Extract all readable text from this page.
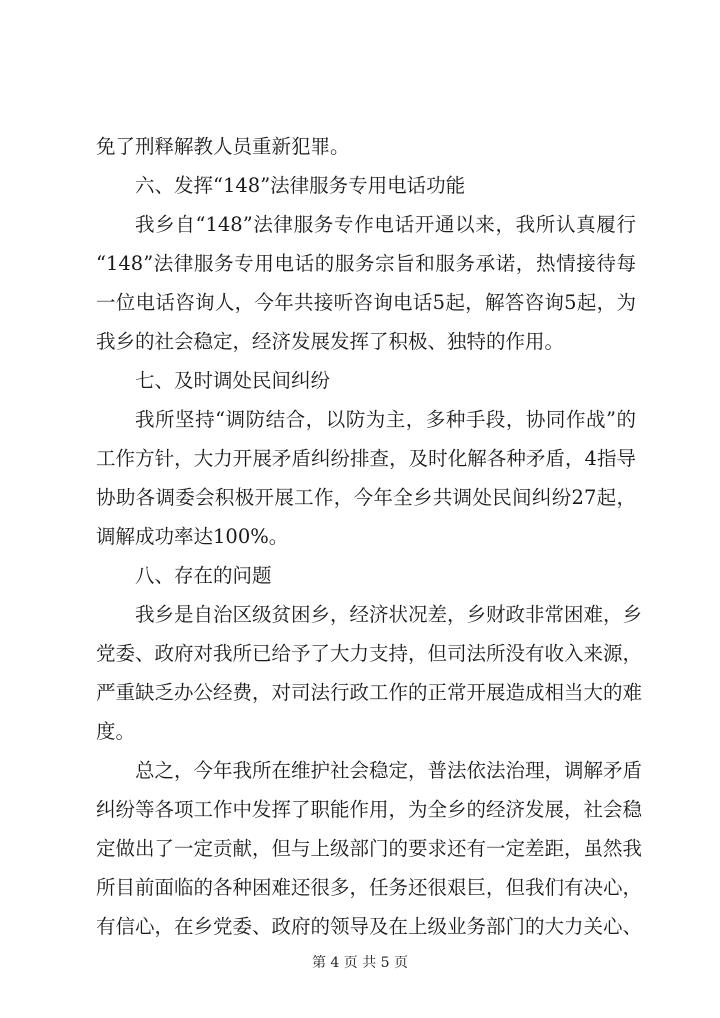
免了刑释解教人员重新犯罪。
六、发挥“148”法律服务专用电话功能
我乡自“148”法律服务专作电话开通以来，我所认真履行
“148”法律服务专用电话的服务宗旨和服务承诺，热情接待每
一位电话咨询人，今年共接听咨询电话5起，解答咨询5起，为
我乡的社会稳定，经济发展发挥了积极、独特的作用。
七、及时调处民间纠纷
我所坚持“调防结合，以防为主，多种手段，协同作战”的
工作方针，大力开展矛盾纠纷排查，及时化解各种矛盾，4指导
协助各调委会积极开展工作，今年全乡共调处民间纠纷27起，
调解成功率达100%。
八、存在的问题
我乡是自治区级贫困乡，经济状况差，乡财政非常困难，乡
党委、政府对我所已给予了大力支持，但司法所没有收入来源，
严重缺乏办公经费，对司法行政工作的正常开展造成相当大的难
度。
总之，今年我所在维护社会稳定，普法依法治理，调解矛盾
纠纷等各项工作中发挥了职能作用，为全乡的经济发展，社会稳
定做出了一定贡献，但与上级部门的要求还有一定差距，虽然我
所目前面临的各种困难还很多，任务还很艰巨，但我们有决心，
有信心，在乡党委、政府的领导及在上级业务部门的大力关心、
第 4 页 共 5 页
